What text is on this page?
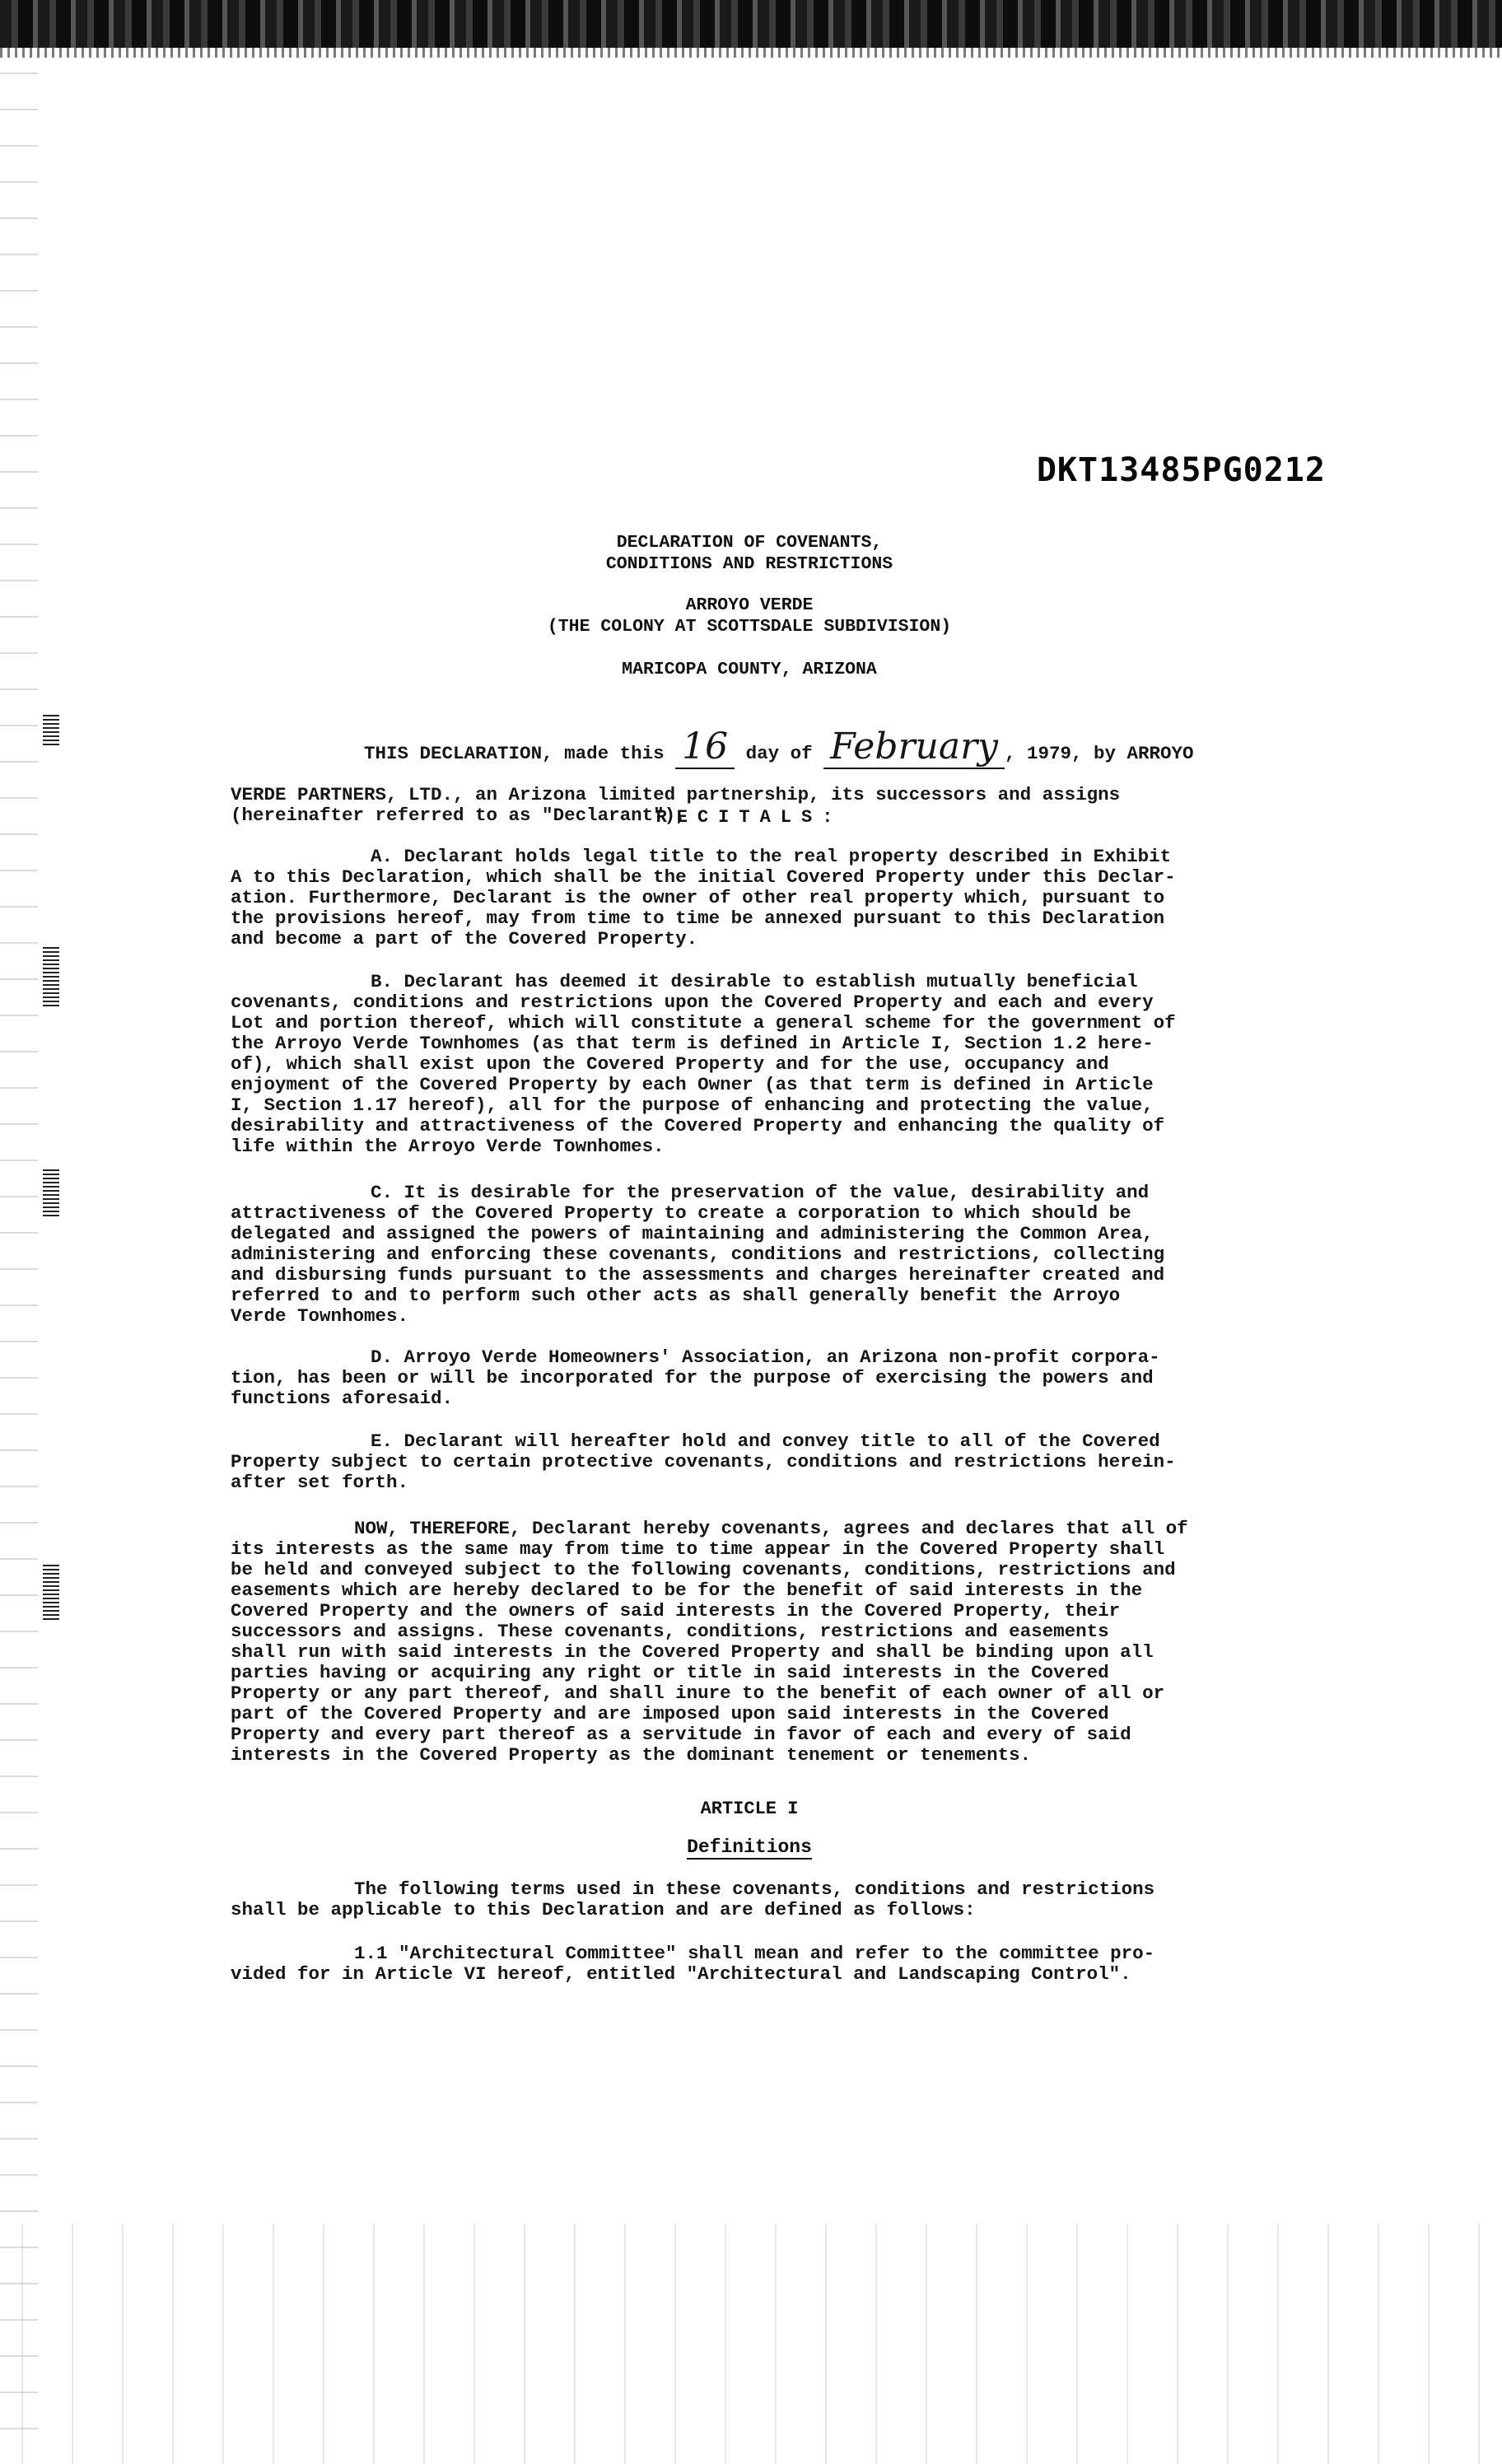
DKT13485PG0212
DECLARATION OF COVENANTS,
CONDITIONS AND RESTRICTIONS
ARROYO VERDE
(THE COLONY AT SCOTTSDALE SUBDIVISION)
MARICOPA COUNTY, ARIZONA

THIS DECLARATION, made this 16 day of February , 1979, by ARROYO

VERDE PARTNERS, LTD., an Arizona limited partnership, its successors and assigns
(hereinafter referred to as "Declarant"),

RECITALS:
A. Declarant holds legal title to the real property described in Exhibit
A to this Declaration, which shall be the initial Covered Property under this Declar-
ation. Furthermore, Declarant is the owner of other real property which, pursuant to
the provisions hereof, may from time to time be annexed pursuant to this Declaration
and become a part of the Covered Property.
B. Declarant has deemed it desirable to establish mutually beneficial
covenants, conditions and restrictions upon the Covered Property and each and every
Lot and portion thereof, which will constitute a general scheme for the government of
the Arroyo Verde Townhomes (as that term is defined in Article I, Section 1.2 here-
of), which shall exist upon the Covered Property and for the use, occupancy and
enjoyment of the Covered Property by each Owner (as that term is defined in Article
I, Section 1.17 hereof), all for the purpose of enhancing and protecting the value,
desirability and attractiveness of the Covered Property and enhancing the quality of
life within the Arroyo Verde Townhomes.
C. It is desirable for the preservation of the value, desirability and
attractiveness of the Covered Property to create a corporation to which should be
delegated and assigned the powers of maintaining and administering the Common Area,
administering and enforcing these covenants, conditions and restrictions, collecting
and disbursing funds pursuant to the assessments and charges hereinafter created and
referred to and to perform such other acts as shall generally benefit the Arroyo
Verde Townhomes.
D. Arroyo Verde Homeowners' Association, an Arizona non-profit corpora-
tion, has been or will be incorporated for the purpose of exercising the powers and
functions aforesaid.
E. Declarant will hereafter hold and convey title to all of the Covered
Property subject to certain protective covenants, conditions and restrictions herein-
after set forth.
NOW, THEREFORE, Declarant hereby covenants, agrees and declares that all of
its interests as the same may from time to time appear in the Covered Property shall
be held and conveyed subject to the following covenants, conditions, restrictions and
easements which are hereby declared to be for the benefit of said interests in the
Covered Property and the owners of said interests in the Covered Property, their
successors and assigns. These covenants, conditions, restrictions and easements
shall run with said interests in the Covered Property and shall be binding upon all
parties having or acquiring any right or title in said interests in the Covered
Property or any part thereof, and shall inure to the benefit of each owner of all or
part of the Covered Property and are imposed upon said interests in the Covered
Property and every part thereof as a servitude in favor of each and every of said
interests in the Covered Property as the dominant tenement or tenements.
ARTICLE I
Definitions
The following terms used in these covenants, conditions and restrictions
shall be applicable to this Declaration and are defined as follows:
1.1 "Architectural Committee" shall mean and refer to the committee pro-
vided for in Article VI hereof, entitled "Architectural and Landscaping Control".
